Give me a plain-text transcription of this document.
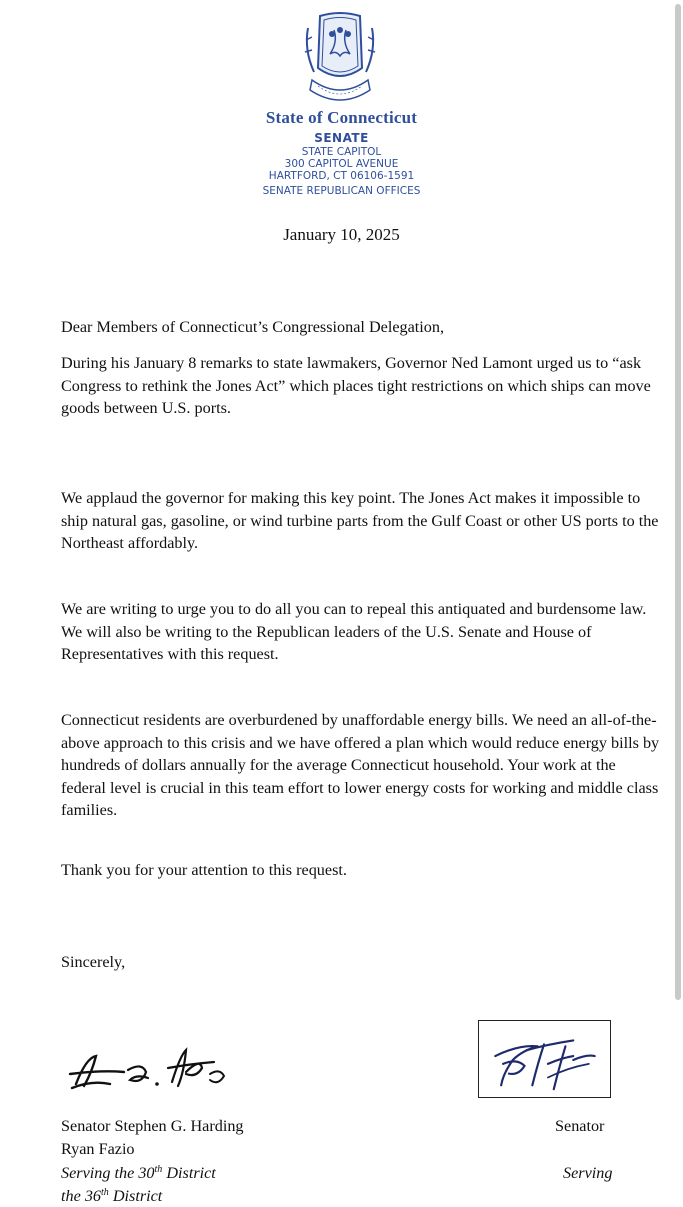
State of Connecticut
SENATE
STATE CAPITOL
300 CAPITOL AVENUE
HARTFORD, CT 06106-1591
SENATE REPUBLICAN OFFICES
January 10, 2025

Dear Members of Connecticut’s Congressional Delegation,

During his January 8 remarks to state lawmakers, Governor Ned Lamont urged us to “ask Congress to rethink the Jones Act” which places tight restrictions on which ships can move goods between U.S. ports.

We applaud the governor for making this key point. The Jones Act makes it impossible to ship natural gas, gasoline, or wind turbine parts from the Gulf Coast or other US ports to the Northeast affordably.

We are writing to urge you to do all you can to repeal this antiquated and burdensome law. We will also be writing to the Republican leaders of the U.S. Senate and House of Representatives with this request.

Connecticut residents are overburdened by unaffordable energy bills. We need an all-of-the-above approach to this crisis and we have offered a plan which would reduce energy bills by hundreds of dollars annually for the average Connecticut household. Your work at the federal level is crucial in this team effort to lower energy costs for working and middle class families.

Thank you for your attention to this request.

Sincerely,

Senator Stephen G. Harding
Ryan Fazio
Serving the 30th District
the 36th District
Senator
Serving
